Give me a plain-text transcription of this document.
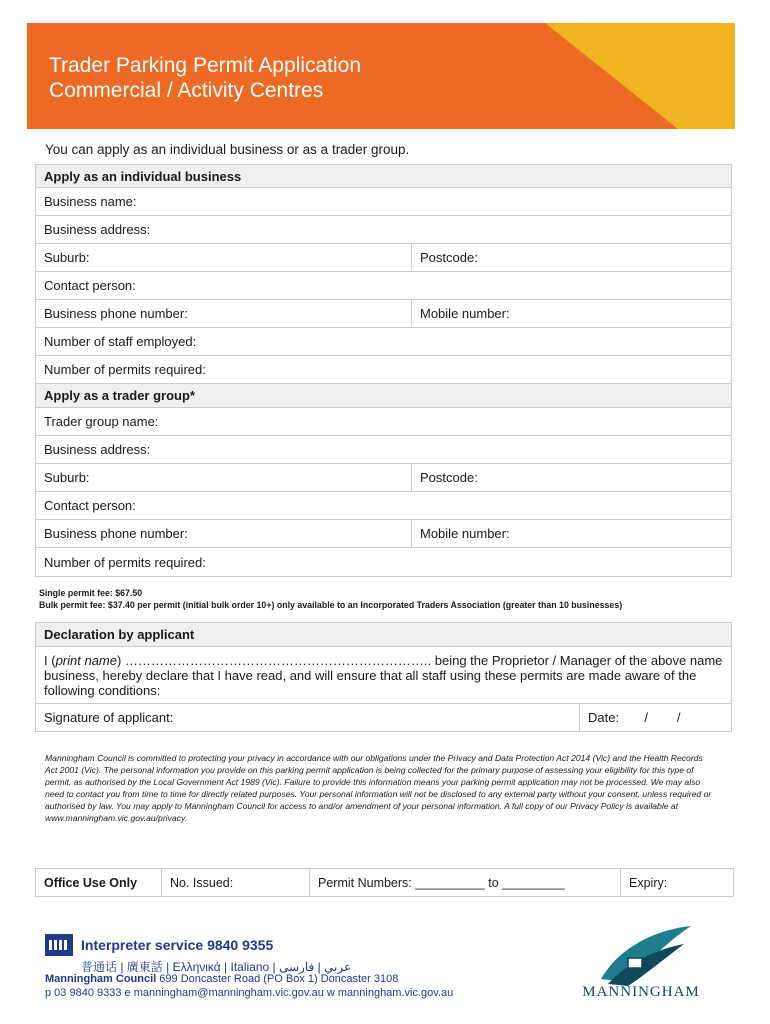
Trader Parking Permit Application
Commercial / Activity Centres
You can apply as an individual business or as a trader group.
Apply as an individual business
Business name:
Business address:
Suburb:	Postcode:
Contact person:
Business phone number:	Mobile number:
Number of staff employed:
Number of permits required:
Apply as a trader group*
Trader group name:
Business address:
Suburb:	Postcode:
Contact person:
Business phone number:	Mobile number:
Number of permits required:
Single permit fee: $67.50
Bulk permit fee: $37.40 per permit (initial bulk order 10+) only available to an Incorporated Traders Association (greater than 10 businesses)
Declaration by applicant
I (print name) …………………………………………………………….. being the Proprietor / Manager of the above name business, hereby declare that I have read, and will ensure that all staff using these permits are made aware of the following conditions:
Signature of applicant:	Date:       /        /
Manningham Council is committed to protecting your privacy in accordance with our obligations under the Privacy and Data Protection Act 2014 (Vic) and the Health Records Act 2001 (Vic). The personal information you provide on this parking permit application is being collected for the primary purpose of assessing your eligibility for this type of permit, as authorised by the Local Government Act 1989 (Vic). Failure to provide this information means your parking permit application may not be processed. We may also need to contact you from time to time for directly related purposes. Your personal information will not be disclosed to any external party without your consent, unless required or authorised by law. You may apply to Manningham Council for access to and/or amendment of your personal information. A full copy of our Privacy Policy is available at www.manningham.vic.gov.au/privacy.
Office Use Only	No. Issued:	Permit Numbers: __________ to _________	Expiry:
Interpreter service 9840 9355
普通话 | 廣東話 | Ελληνικά | Italiano | عربي | فارسی
Manningham Council 699 Doncaster Road (PO Box 1) Doncaster 3108
p 03 9840 9333 e manningham@manningham.vic.gov.au w manningham.vic.gov.au	MANNINGHAM
